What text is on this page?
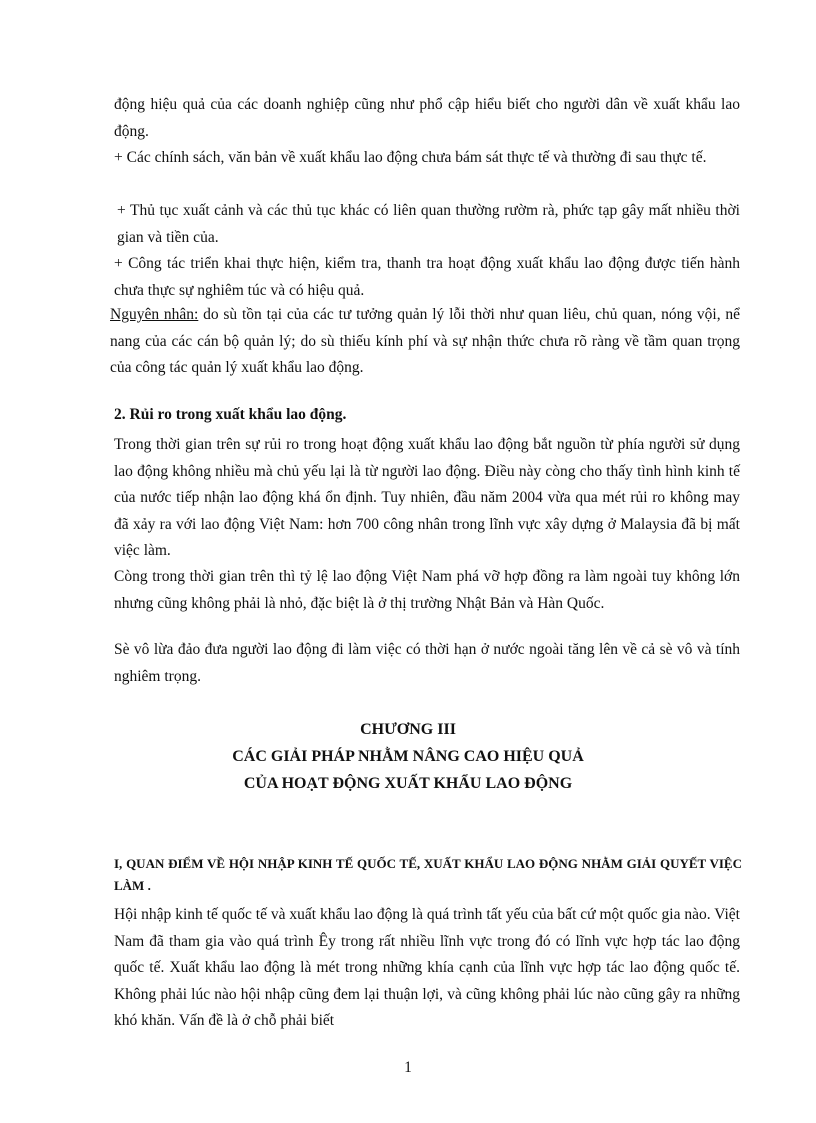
động hiệu quả của các doanh nghiệp cũng như phổ cập hiểu biết cho người dân về xuất khẩu lao động.

+ Các chính sách, văn bản về xuất khẩu lao động chưa bám sát thực tế và thường đi sau thực tế.

+ Thủ tục xuất cảnh và các thủ tục khác có liên quan thường rườm rà, phức tạp gây mất nhiều thời gian và tiền của.

+ Công tác triển khai thực hiện, kiểm tra, thanh tra hoạt động xuất khẩu lao động được tiến hành chưa thực sự nghiêm túc và có hiệu quả.

Nguyên nhân: do sù tồn tại của các tư tưởng quản lý lỗi thời như quan liêu, chủ quan, nóng vội, nể nang của các cán bộ quản lý; do sù thiếu kính phí và sự nhận thức chưa rõ ràng về tầm quan trọng của công tác quản lý xuất khẩu lao động.

2. Rủi ro trong xuất khẩu lao động.

Trong thời gian trên sự rủi ro trong hoạt động xuất khẩu lao động bắt nguồn từ phía người sử dụng lao động không nhiều mà chủ yếu lại là từ người lao động. Điều này còng cho thấy tình hình kinh tế của nước tiếp nhận lao động khá ổn định. Tuy nhiên, đầu năm 2004 vừa qua mét rủi ro không may đã xảy ra với lao động Việt Nam: hơn 700 công nhân trong lĩnh vực xây dựng ở Malaysia đã bị mất việc làm.

Còng trong thời gian trên thì tỷ lệ lao động Việt Nam phá vỡ hợp đồng ra làm ngoài tuy không lớn nhưng cũng không phải là nhỏ, đặc biệt là ở thị trường Nhật Bản và Hàn Quốc.

Sè vô lừa đảo đưa người lao động đi làm việc có thời hạn ở nước ngoài tăng lên về cả sè vô và tính nghiêm trọng.

CHƯƠNG III

CÁC GIẢI PHÁP NHẰM NÂNG CAO HIỆU QUẢ

CỦA HOẠT ĐỘNG XUẤT KHẨU LAO ĐỘNG

I, QUAN ĐIỂM VỀ HỘI NHẬP KINH TẾ QUỐC TẾ, XUẤT KHẨU LAO ĐỘNG NHẰM GIẢI QUYẾT VIỆC LÀM .

Hội nhập kinh tế quốc tế và xuất khẩu lao động là quá trình tất yếu của bất cứ một quốc gia nào. Việt Nam đã tham gia vào quá trình Êy trong rất nhiều lĩnh vực trong đó có lĩnh vực hợp tác lao động quốc tế. Xuất khẩu lao động là mét trong những khía cạnh của lĩnh vực hợp tác lao động quốc tế. Không phải lúc nào hội nhập cũng đem lại thuận lợi, và cũng không phải lúc nào cũng gây ra những khó khăn. Vấn đề là ở chỗ phải biết

1
